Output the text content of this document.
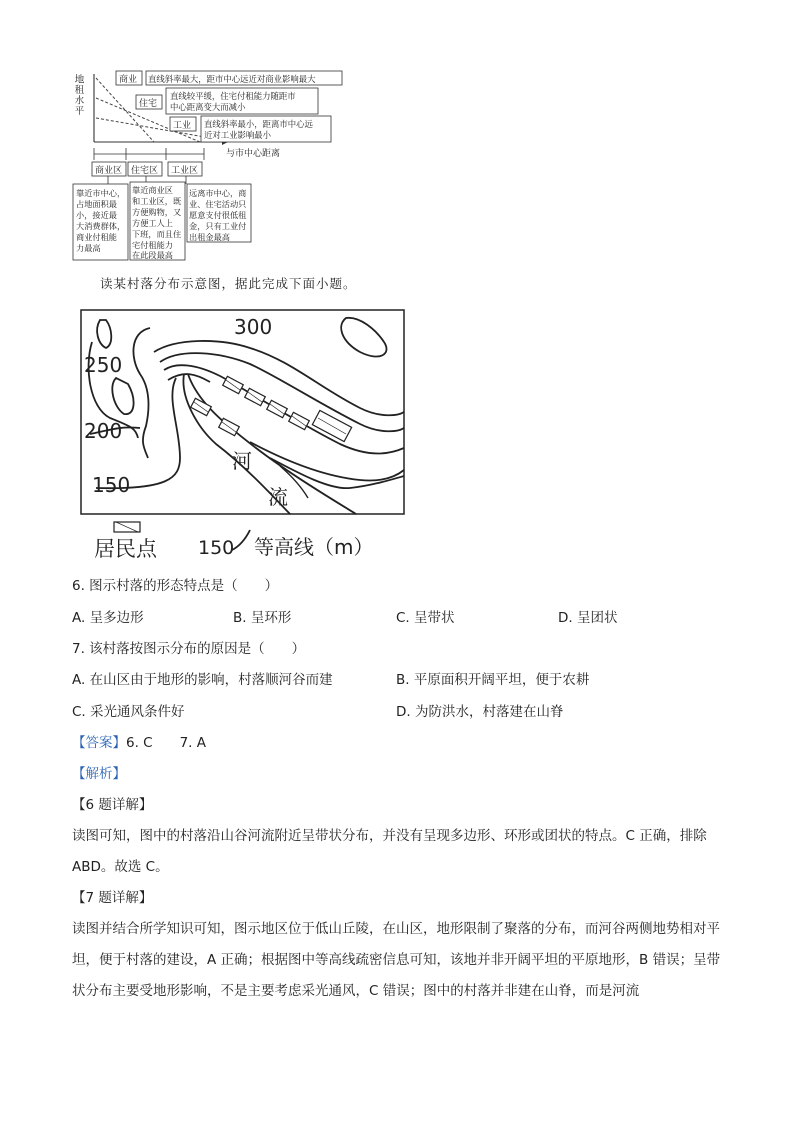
地租水平
与市中心距离
商业 直线斜率最大，距市中心远近对商业影响最大
住宅
直线较平缓，住宅付租能力随距市
中心距离变大而减小
工业 直线斜率最小，距离市中心远
近对工业影响最小
商业区 住宅区 工业区
靠近市中心， 占地面积最 小，接近最 大消费群体， 商业付租能 力最高
靠近商业区 和工业区，既 方便购物，又 方便工人上 下班，而且住 宅付租能力 在此段最高
远离市中心，商 业、住宅活动只 愿意支付很低租 金，只有工业付 出租金最高
读某村落分布示意图，据此完成下面小题。
300
250
200
150
河
流
居民点 150 等高线（m）
6. 图示村落的形态特点是（　　）
A. 呈多边形	B. 呈环形	C. 呈带状	D. 呈团状
7. 该村落按图示分布的原因是（　　）
A. 在山区由于地形的影响，村落顺河谷而建	B. 平原面积开阔平坦，便于农耕
C. 采光通风条件好	D. 为防洪水，村落建在山脊
【答案】6. C　　7. A
【解析】
【6 题详解】
读图可知，图中的村落沿山谷河流附近呈带状分布，并没有呈现多边形、环形或团状的特点。C 正确，排除 ABD。故选 C。
【7 题详解】
读图并结合所学知识可知，图示地区位于低山丘陵，在山区，地形限制了聚落的分布，而河谷两侧地势相对平坦，便于村落的建设，A 正确；根据图中等高线疏密信息可知，该地并非开阔平坦的平原地形，B 错误；呈带状分布主要受地形影响，不是主要考虑采光通风，C 错误；图中的村落并非建在山脊，而是河流
